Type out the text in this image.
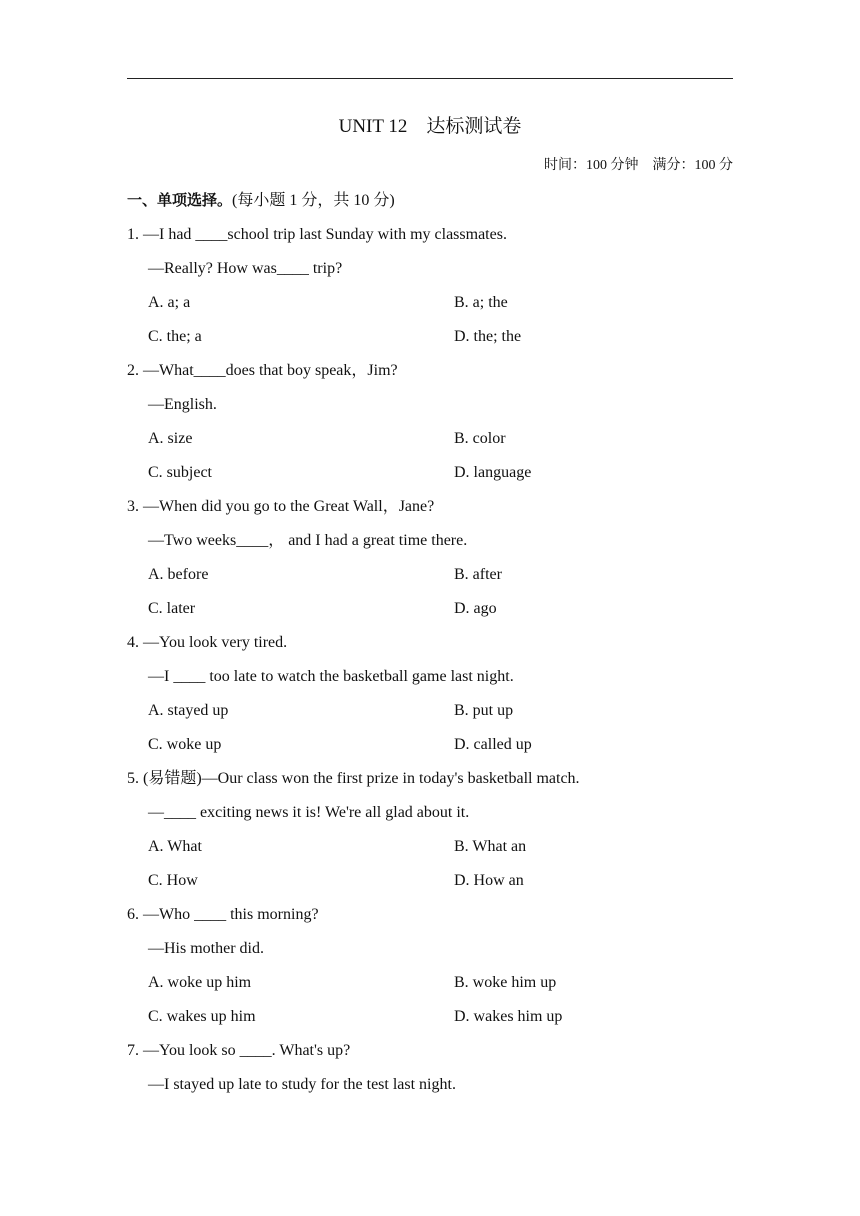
UNIT 12　达标测试卷
时间：100 分钟　满分：100 分
一、单项选择。(每小题 1 分，共 10 分)
1. —I had ____school trip last Sunday with my classmates.
—Really? How was____ trip?
A. a; a	B. a; the
C. the; a	D. the; the
2. —What____does that boy speak，Jim?
—English.
A. size	B. color
C. subject	D. language
3. —When did you go to the Great Wall，Jane?
—Two weeks____， and I had a great time there.
A. before	B. after
C. later	D. ago
4. —You look very tired.
—I ____ too late to watch the basketball game last night.
A. stayed up	B. put up
C. woke up	D. called up
5. (易错题)—Our class won the first prize in today's basketball match.
—____ exciting news it is! We're all glad about it.
A. What	B. What an
C. How	D. How an
6. —Who ____ this morning?
—His mother did.
A. woke up him	B. woke him up
C. wakes up him	D. wakes him up
7. —You look so ____. What's up?
—I stayed up late to study for the test last night.
